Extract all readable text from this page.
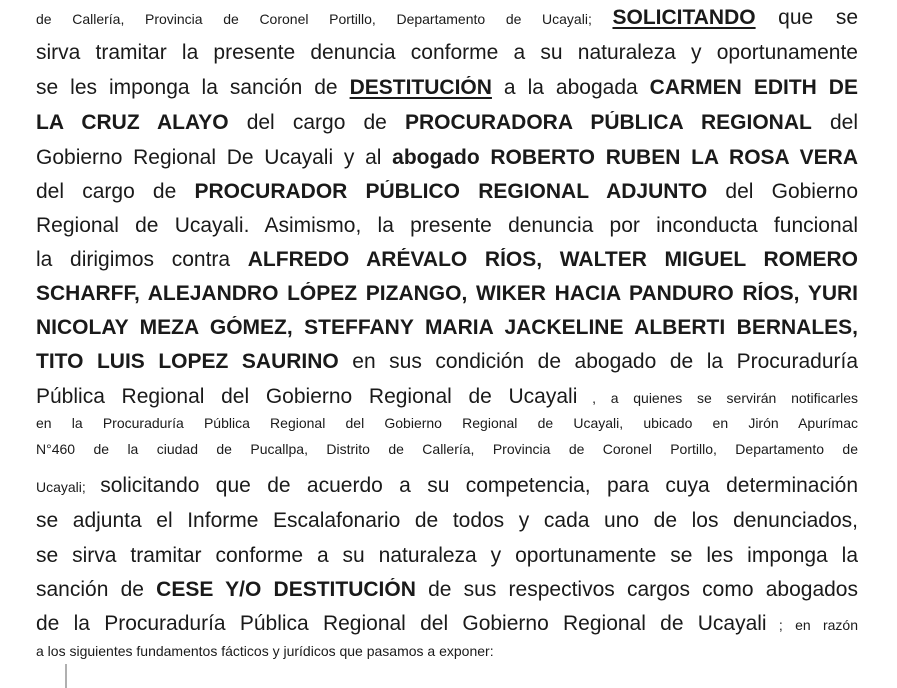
de Callería, Provincia de Coronel Portillo, Departamento de Ucayali; SOLICITANDO que se
sirva tramitar la presente denuncia conforme a su naturaleza y oportunamente
se les imponga la sanción de DESTITUCIÓN a la abogada CARMEN EDITH DE
LA CRUZ ALAYO del cargo de PROCURADORA PÚBLICA REGIONAL del
Gobierno Regional De Ucayali y al abogado ROBERTO RUBEN LA ROSA VERA
del cargo de PROCURADOR PÚBLICO REGIONAL ADJUNTO del Gobierno
Regional de Ucayali. Asimismo, la presente denuncia por inconducta funcional
la dirigimos contra ALFREDO ARÉVALO RÍOS, WALTER MIGUEL ROMERO
SCHARFF, ALEJANDRO LÓPEZ PIZANGO, WIKER HACIA PANDURO RÍOS, YURI
NICOLAY MEZA GÓMEZ, STEFFANY MARIA JACKELINE ALBERTI BERNALES,
TITO LUIS LOPEZ SAURINO en sus condición de abogado de la Procuraduría
Pública Regional del Gobierno Regional de Ucayali , a quienes se servirán notificarles
en la Procuraduría Pública Regional del Gobierno Regional de Ucayali, ubicado en Jirón Apurímac
N°460 de la ciudad de Pucallpa, Distrito de Callería, Provincia de Coronel Portillo, Departamento de
Ucayali; solicitando que de acuerdo a su competencia, para cuya determinación
se adjunta el Informe Escalafonario de todos y cada uno de los denunciados,
se sirva tramitar conforme a su naturaleza y oportunamente se les imponga la
sanción de CESE Y/O DESTITUCIÓN de sus respectivos cargos como abogados
de la Procuraduría Pública Regional del Gobierno Regional de Ucayali ; en razón
a los siguientes fundamentos fácticos y jurídicos que pasamos a exponer:
